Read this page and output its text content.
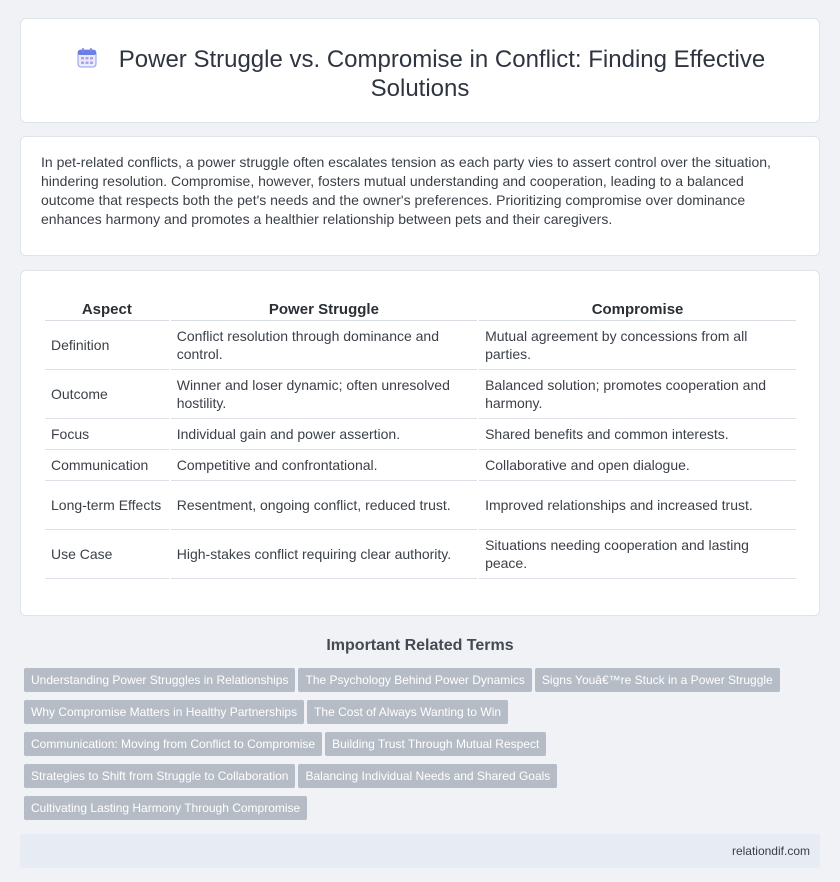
Power Struggle vs. Compromise in Conflict: Finding Effective Solutions

In pet-related conflicts, a power struggle often escalates tension as each party vies to assert control over the situation, hindering resolution. Compromise, however, fosters mutual understanding and cooperation, leading to a balanced outcome that respects both the pet's needs and the owner's preferences. Prioritizing compromise over dominance enhances harmony and promotes a healthier relationship between pets and their caregivers.

Aspect	Power Struggle	Compromise
Definition	Conflict resolution through dominance and control.	Mutual agreement by concessions from all parties.
Outcome	Winner and loser dynamic; often unresolved hostility.	Balanced solution; promotes cooperation and harmony.
Focus	Individual gain and power assertion.	Shared benefits and common interests.
Communication	Competitive and confrontational.	Collaborative and open dialogue.
Long-term Effects	Resentment, ongoing conflict, reduced trust.	Improved relationships and increased trust.
Use Case	High-stakes conflict requiring clear authority.	Situations needing cooperation and lasting peace.
Important Related Terms
Understanding Power Struggles in Relationships The Psychology Behind Power Dynamics Signs Youâ€™re Stuck in a Power Struggle
Why Compromise Matters in Healthy Partnerships The Cost of Always Wanting to Win
Communication: Moving from Conflict to Compromise Building Trust Through Mutual Respect
Strategies to Shift from Struggle to Collaboration Balancing Individual Needs and Shared Goals
Cultivating Lasting Harmony Through Compromise
relationdif.com
